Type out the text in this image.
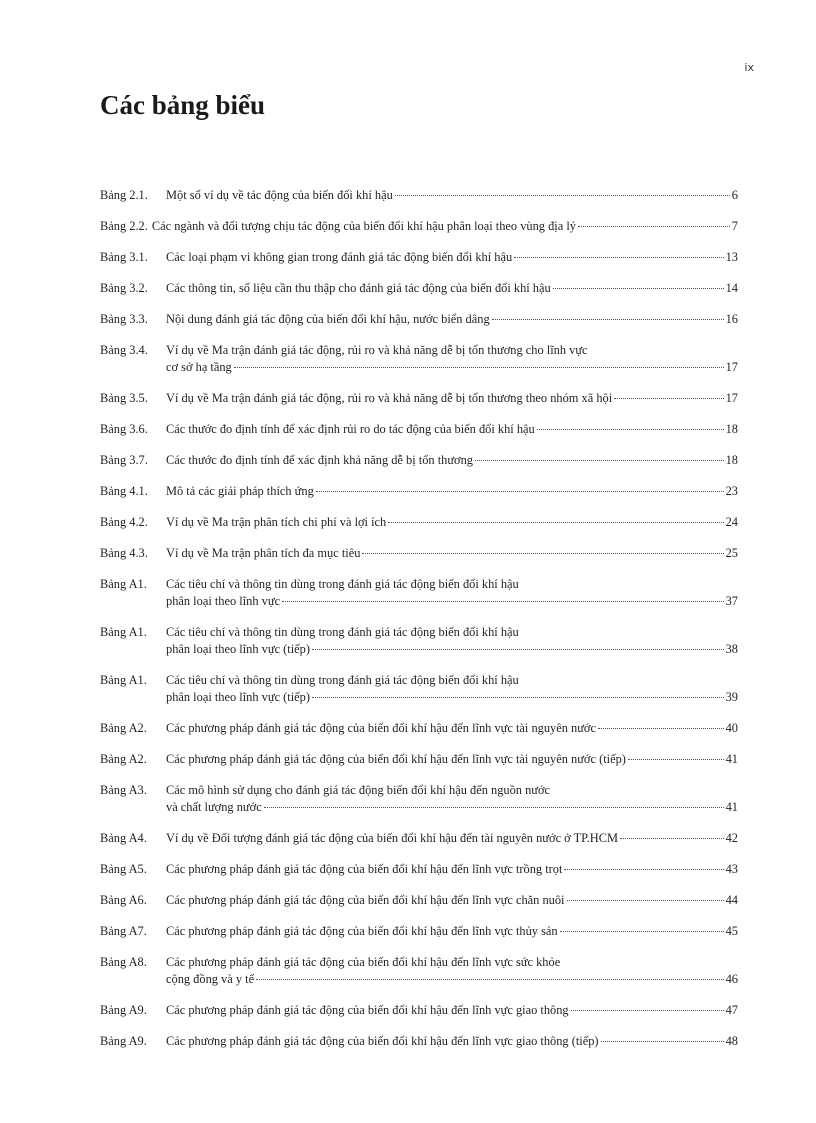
ix
Các bảng biểu
Bảng 2.1.	Một số ví dụ về tác động của biến đổi khí hậu	6
Bảng 2.2. Các ngành và đối tượng chịu tác động của biến đổi khí hậu phân loại theo vùng địa lý	7
Bảng 3.1.	Các loại phạm vi không gian trong đánh giá tác động biến đổi khí hậu	13
Bảng 3.2.	Các thông tin, số liệu cần thu thập cho đánh giá tác động của biến đổi khí hậu	14
Bảng 3.3.	Nội dung đánh giá tác động của biến đổi khí hậu, nước biển dâng	16
Bảng 3.4.	Ví dụ về Ma trận đánh giá tác động, rủi ro và khả năng dễ bị tổn thương cho lĩnh vực
cơ sở hạ tầng	17
Bảng 3.5.	Ví dụ về Ma trận đánh giá tác động, rủi ro và khả năng dễ bị tổn thương theo nhóm xã hội	17
Bảng 3.6.	Các thước đo định tính để xác định rủi ro do tác động của biến đổi khí hậu	18
Bảng 3.7.	Các thước đo định tính để xác định khả năng dễ bị tổn thương	18
Bảng 4.1.	Mô tả các giải pháp thích ứng	23
Bảng 4.2.	Ví dụ về Ma trận phân tích chi phí và lợi ích	24
Bảng 4.3.	Ví dụ về Ma trận phân tích đa mục tiêu	25
Bảng A1.	Các tiêu chí và thông tin dùng trong đánh giá tác động biến đổi khí hậu
phân loại theo lĩnh vực	37
Bảng A1.	Các tiêu chí và thông tin dùng trong đánh giá tác động biến đổi khí hậu
phân loại theo lĩnh vực (tiếp)	38
Bảng A1.	Các tiêu chí và thông tin dùng trong đánh giá tác động biến đổi khí hậu
phân loại theo lĩnh vực (tiếp)	39
Bảng A2.	Các phương pháp đánh giá tác động của biến đổi khí hậu đến lĩnh vực tài nguyên nước	40
Bảng A2.	Các phương pháp đánh giá tác động của biến đổi khí hậu đến lĩnh vực tài nguyên nước (tiếp)	41
Bảng A3.	Các mô hình sử dụng cho đánh giá tác động biến đổi khí hậu đến nguồn nước
và chất lượng nước	41
Bảng A4.	Ví dụ về Đối tượng đánh giá tác động của biến đổi khí hậu đến tài nguyên nước ở TP.HCM	42
Bảng A5.	Các phương pháp đánh giá tác động của biến đổi khí hậu đến lĩnh vực trồng trọt	43
Bảng A6.	Các phương pháp đánh giá tác động của biến đổi khí hậu đến lĩnh vực chăn nuôi	44
Bảng A7.	Các phương pháp đánh giá tác động của biến đổi khí hậu đến lĩnh vực thủy sản	45
Bảng A8.	Các phương pháp đánh giá tác động của biến đổi khí hậu đến lĩnh vực sức khỏe
cộng đồng và y tế	46
Bảng A9.	Các phương pháp đánh giá tác động của biến đổi khí hậu đến lĩnh vực giao thông	47
Bảng A9.	Các phương pháp đánh giá tác động của biến đổi khí hậu đến lĩnh vực giao thông (tiếp)	48
